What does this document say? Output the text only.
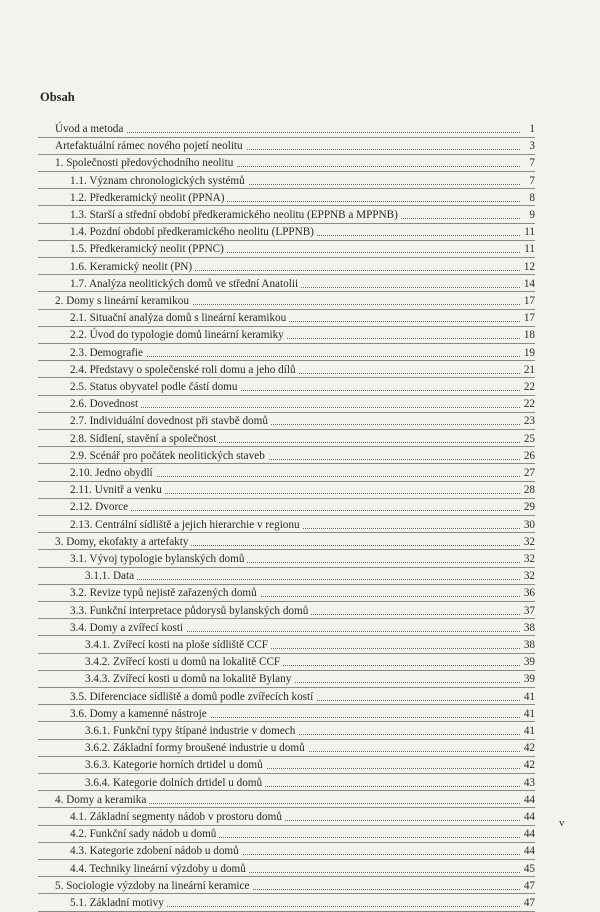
Obsah
Úvod a metoda	1
Artefaktuální rámec nového pojetí neolitu	3
1. Společnosti předovýchodního neolitu	7
1.1. Význam chronologických systémů	7
1.2. Předkeramický neolit (PPNA)	8
1.3. Starší a střední období předkeramického neolitu (EPPNB a MPPNB)	9
1.4. Pozdní období předkeramického neolitu (LPPNB)	11
1.5. Předkeramický neolit (PPNC)	11
1.6. Keramický neolit (PN)	12
1.7. Analýza neolitických domů ve střední Anatolii	14
2. Domy s lineární keramikou	17
2.1. Situační analýza domů s lineární keramikou	17
2.2. Úvod do typologie domů lineární keramiky	18
2.3. Demografie	19
2.4. Představy o společenské roli domu a jeho dílů	21
2.5. Status obyvatel podle částí domu	22
2.6. Dovednost	22
2.7. Individuální dovednost při stavbě domů	23
2.8. Sídlení, stavění a společnost	25
2.9. Scénář pro počátek neolitických staveb	26
2.10. Jedno obydlí	27
2.11. Uvnitř a venku	28
2.12. Dvorce	29
2.13. Centrální sídliště a jejich hierarchie v regionu	30
3. Domy, ekofakty a artefakty	32
3.1. Vývoj typologie bylanských domů	32
3.1.1. Data	32
3.2. Revize typů nejistě zařazených domů	36
3.3. Funkční interpretace půdorysů bylanských domů	37
3.4. Domy a zvířecí kosti	38
3.4.1. Zvířecí kosti na ploše sídliště CCF	38
3.4.2. Zvířecí kosti u domů na lokalitě CCF	39
3.4.3. Zvířecí kosti u domů na lokalitě Bylany	39
3.5. Diferenciace sídliště a domů podle zvířecích kostí	41
3.6. Domy a kamenné nástroje	41
3.6.1. Funkční typy štípané industrie v domech	41
3.6.2. Základní formy broušené industrie u domů	42
3.6.3. Kategorie horních drtidel u domů	42
3.6.4. Kategorie dolních drtidel u domů	43
4. Domy a keramika	44
4.1. Základní segmenty nádob v prostoru domů	44
4.2. Funkční sady nádob u domů	44
4.3. Kategorie zdobení nádob u domů	44
4.4. Techniky lineární výzdoby u domů	45
5. Sociologie výzdoby na lineární keramice	47
5.1. Základní motivy	47
v
